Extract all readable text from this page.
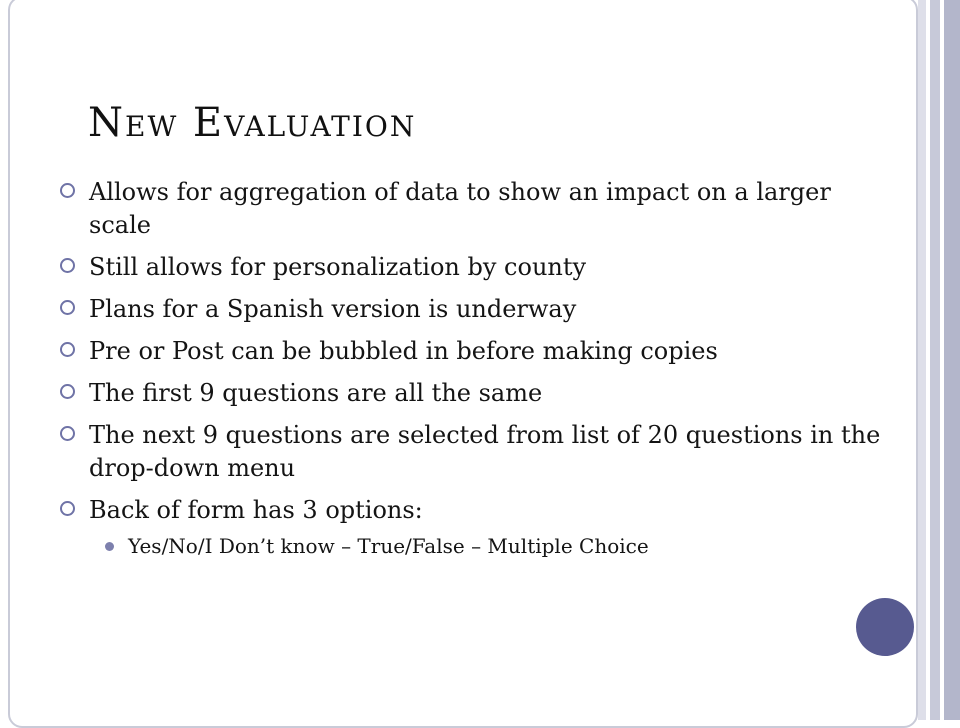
New Evaluation
Allows for aggregation of data to show an impact on a larger scale
Still allows for personalization by county
Plans for a Spanish version is underway
Pre or Post can be bubbled in before making copies
The first 9 questions are all the same
The next 9 questions are selected from list of 20 questions in the drop-down menu
Back of form has 3 options:
Yes/No/I Don’t know – True/False – Multiple Choice
